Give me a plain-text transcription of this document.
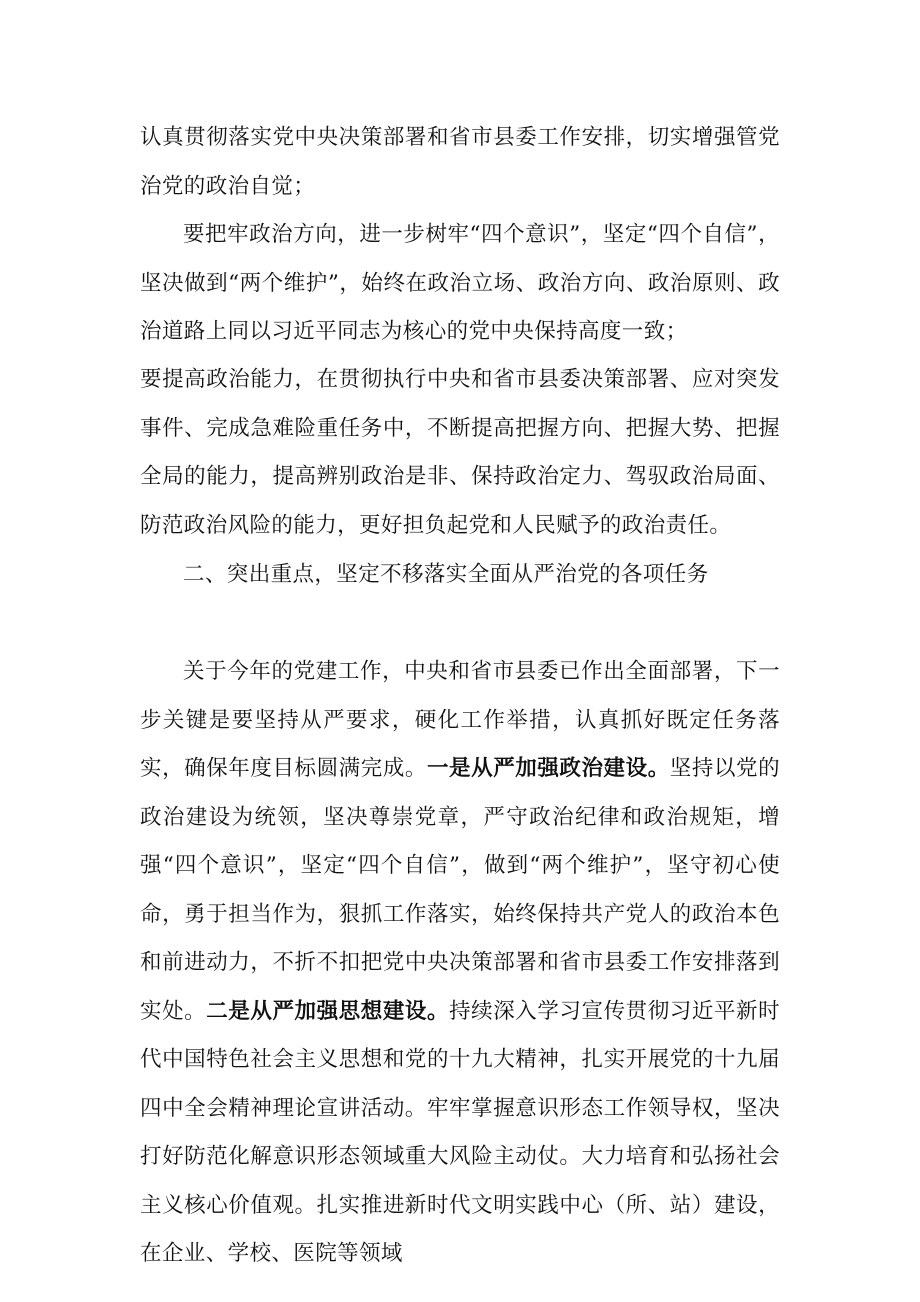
认真贯彻落实党中央决策部署和省市县委工作安排，切实增强管党治党的政治自觉；

要把牢政治方向，进一步树牢“四个意识”，坚定“四个自信”，坚决做到“两个维护”，始终在政治立场、政治方向、政治原则、政治道路上同以习近平同志为核心的党中央保持高度一致；

要提高政治能力，在贯彻执行中央和省市县委决策部署、应对突发事件、完成急难险重任务中，不断提高把握方向、把握大势、把握全局的能力，提高辨别政治是非、保持政治定力、驾驭政治局面、防范政治风险的能力，更好担负起党和人民赋予的政治责任。

二、突出重点，坚定不移落实全面从严治党的各项任务

关于今年的党建工作，中央和省市县委已作出全面部署，下一步关键是要坚持从严要求，硬化工作举措，认真抓好既定任务落实，确保年度目标圆满完成。一是从严加强政治建设。坚持以党的政治建设为统领，坚决尊崇党章，严守政治纪律和政治规矩，增强“四个意识”，坚定“四个自信”，做到“两个维护”，坚守初心使命，勇于担当作为，狠抓工作落实，始终保持共产党人的政治本色和前进动力，不折不扣把党中央决策部署和省市县委工作安排落到实处。二是从严加强思想建设。持续深入学习宣传贯彻习近平新时代中国特色社会主义思想和党的十九大精神，扎实开展党的十九届四中全会精神理论宣讲活动。牢牢掌握意识形态工作领导权，坚决打好防范化解意识形态领域重大风险主动仗。大力培育和弘扬社会主义核心价值观。扎实推进新时代文明实践中心（所、站）建设，在企业、学校、医院等领域
